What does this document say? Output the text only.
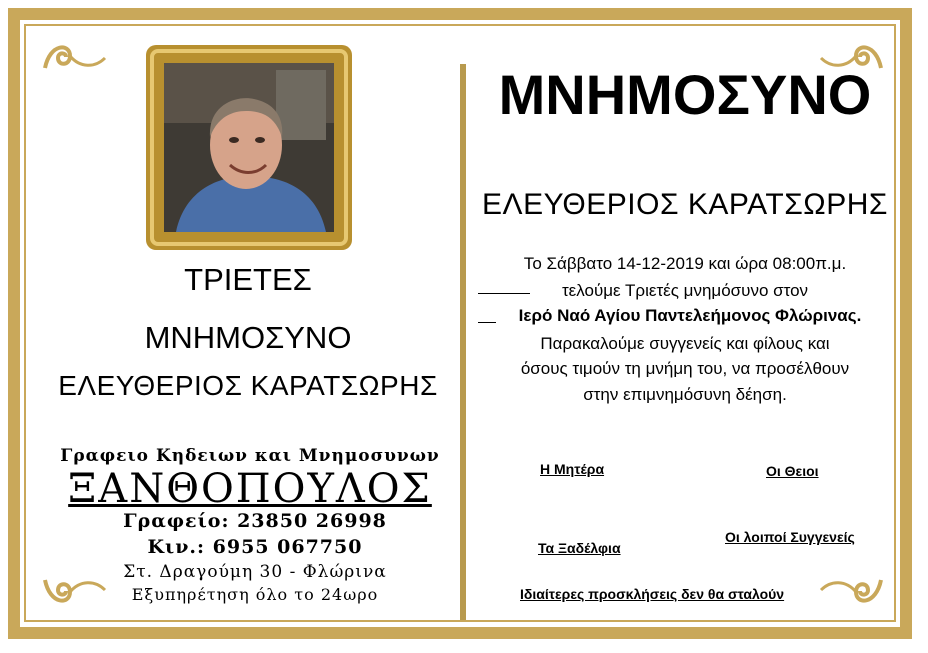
ΤΡΙΕΤΕΣ
ΜΝΗΜΟΣΥΝΟ
ΕΛΕΥΘΕΡΙΟΣ ΚΑΡΑΤΣΩΡΗΣ
Γραφειο Κηδειων και Μνημοσυνων
ΞΑΝΘΟΠΟΥΛΟΣ
Γραφείο: 23850 26998
Κιν.: 6955 067750
Στ. Δραγούμη 30 - Φλώρινα
Εξυπηρέτηση όλο το 24ωρο
ΜΝΗΜΟΣΥΝΟ
ΕΛΕΥΘΕΡΙΟΣ ΚΑΡΑΤΣΩΡΗΣ
Το Σάββατο 14-12-2019 και ώρα 08:00π.μ.
τελούμε Τριετές μνημόσυνο στον
Ιερό Ναό Αγίου Παντελεήμονος Φλώρινας.
Παρακαλούμε συγγενείς και φίλους και
όσους τιμούν τη μνήμη του, να προσέλθουν
στην επιμνημόσυνη δέηση.
Η Μητέρα	Οι Θειοι
Τα Ξαδέλφια
Οι λοιποί Συγγενείς
Ιδιαίτερες προσκλήσεις δεν θα σταλούν
